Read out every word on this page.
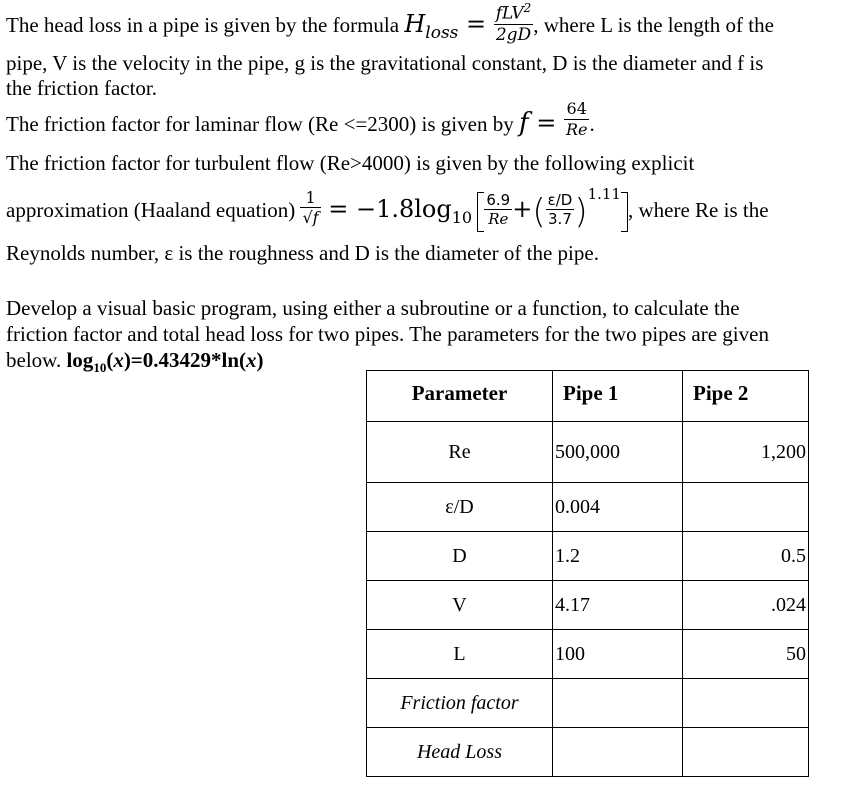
The head loss in a pipe is given by the formula $H_{loss} = \frac{fLV^2}{2gD}$ , where L is the length of the
pipe, V is the velocity in the pipe, g is the gravitational constant, D is the diameter and f is
the friction factor.
The friction factor for laminar flow (Re <=2300) is given by $f = \frac{64}{Re}$ .
The friction factor for turbulent flow (Re>4000) is given by the following explicit
approximation (Haaland equation) $\frac{1}{√f} = -1.8\log_{10} \frac{6.9}{Re}$ +( $\frac{\varepsilon/D}{3.7} )^{1.11}$, where Re is the
Reynolds number, ε is the roughness and D is the diameter of the pipe.
Develop a visual basic program, using either a subroutine or a function, to calculate the
friction factor and total head loss for two pipes. The parameters for the two pipes are given
below. $\log_{10}(x)=0.43429*\ln(x)$
Parameter	Pipe 1	Pipe 2
Re	500,000	1,200
ε/D	0.004	
D	1.2	0.5
V	4.17	.024
L	100	50
Friction factor		
Head Loss		
